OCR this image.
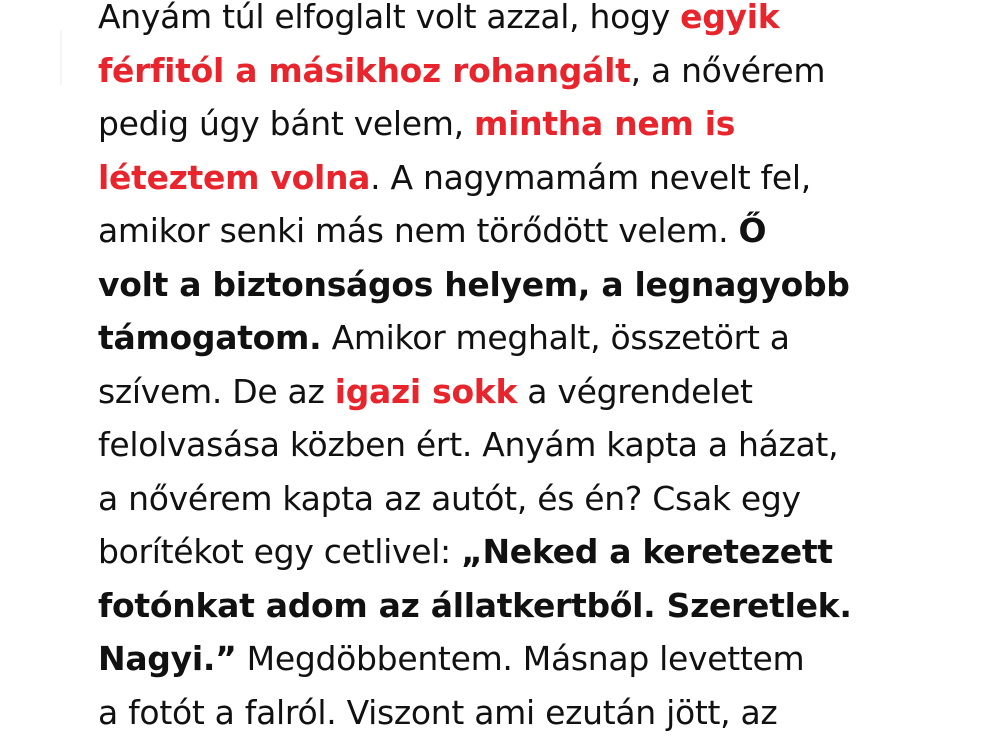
Anyám túl elfoglalt volt azzal, hogy egyik
férfitól a másikhoz rohangált, a nővérem
pedig úgy bánt velem, mintha nem is
léteztem volna. A nagymamám nevelt fel,
amikor senki más nem törődött velem. Ő
volt a biztonságos helyem, a legnagyobb
támogatom. Amikor meghalt, összetört a
szívem. De az igazi sokk a végrendelet
felolvasása közben ért. Anyám kapta a házat,
a nővérem kapta az autót, és én? Csak egy
borítékot egy cetlivel: „Neked a keretezett
fotónkat adom az állatkertből. Szeretlek.
Nagyi.” Megdöbbentem. Másnap levettem
a fotót a falról. Viszont ami ezután jött, az
